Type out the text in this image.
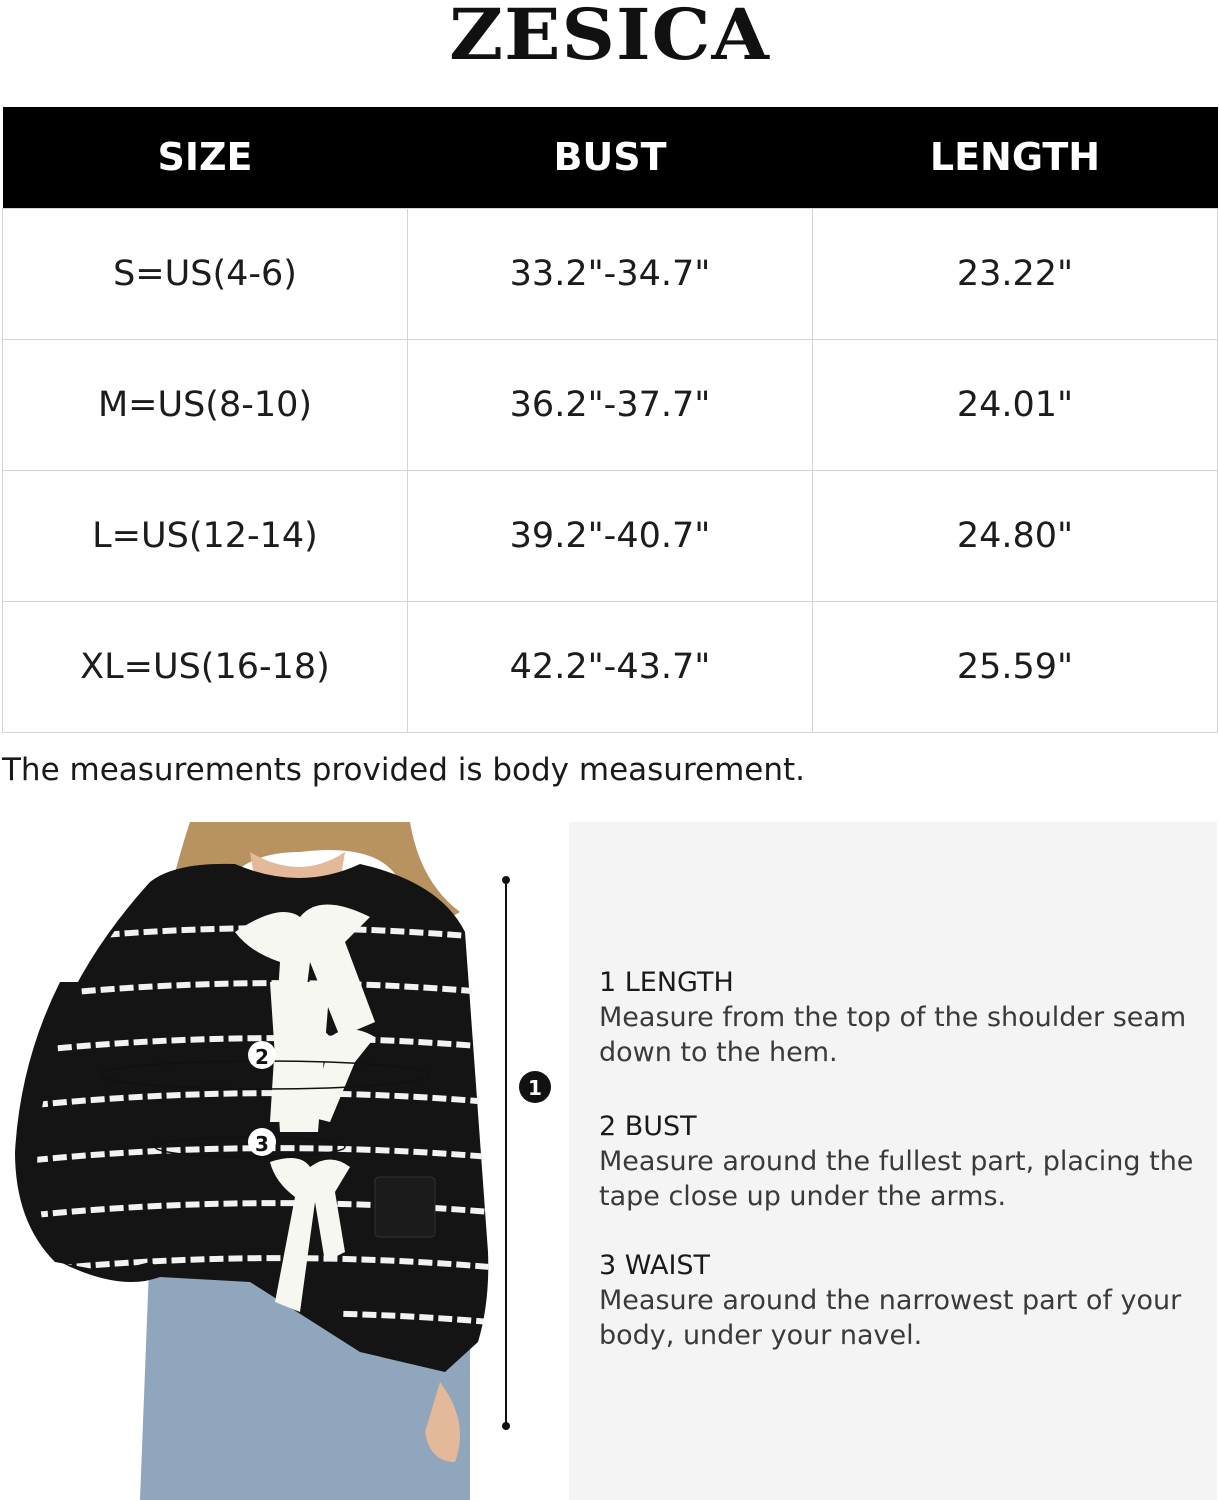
ZESICA
SIZE	BUST	LENGTH
S=US(4-6)	33.2"-34.7"	23.22"
M=US(8-10)	36.2"-37.7"	24.01"
L=US(12-14)	39.2"-40.7"	24.80"
XL=US(16-18)	42.2"-43.7"	25.59"
The measurements provided is body measurement.
2
3
1
1 LENGTH
Measure from the top of the shoulder seam down to the hem.
2 BUST
Measure around the fullest part, placing the tape close up under the arms.
3 WAIST
Measure around the narrowest part of your body, under your navel.
